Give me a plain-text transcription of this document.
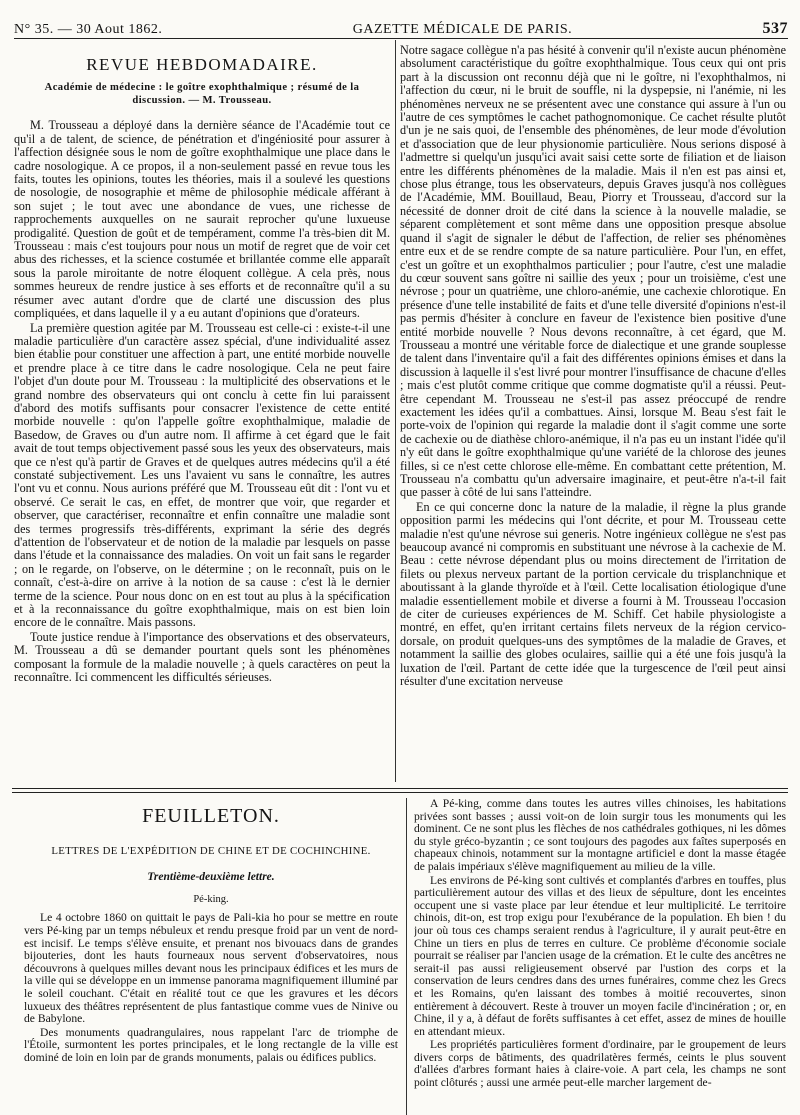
N° 35. — 30 Aout 1862.	GAZETTE MÉDICALE DE PARIS.	537
REVUE HEBDOMADAIRE.
Académie de médecine : le goître exophthalmique ; résumé de la discussion. — M. Trousseau.

M. Trousseau a déployé dans la dernière séance de l'Académie tout ce qu'il a de talent, de science, de pénétration et d'ingéniosité pour assurer à l'affection désignée sous le nom de goître exophthalmique une place dans le cadre nosologique. A ce propos, il a non-seulement passé en revue tous les faits, toutes les opinions, toutes les théories, mais il a soulevé les questions de nosologie, de nosographie et même de philosophie médicale afférant à son sujet ; le tout avec une abondance de vues, une richesse de rapprochements auxquelles on ne saurait reprocher qu'une luxueuse prodigalité. Question de goût et de tempérament, comme l'a très-bien dit M. Trousseau : mais c'est toujours pour nous un motif de regret que de voir cet abus des richesses, et la science costumée et brillantée comme elle apparaît sous la parole miroitante de notre éloquent collègue. A cela près, nous sommes heureux de rendre justice à ses efforts et de reconnaître qu'il a su résumer avec autant d'ordre que de clarté une discussion des plus compliquées, et dans laquelle il y a eu autant d'opinions que d'orateurs.

La première question agitée par M. Trousseau est celle-ci : existe-t-il une maladie particulière d'un caractère assez spécial, d'une individualité assez bien établie pour constituer une affection à part, une entité morbide nouvelle et prendre place à ce titre dans le cadre nosologique. Cela ne peut faire l'objet d'un doute pour M. Trousseau : la multiplicité des observations et le grand nombre des observateurs qui ont conclu à cette fin lui paraissent d'abord des motifs suffisants pour consacrer l'existence de cette entité morbide nouvelle : qu'on l'appelle goître exophthalmique, maladie de Basedow, de Graves ou d'un autre nom. Il affirme à cet égard que le fait avait de tout temps objectivement passé sous les yeux des observateurs, mais que ce n'est qu'à partir de Graves et de quelques autres médecins qu'il a été constaté subjectivement. Les uns l'avaient vu sans le connaître, les autres l'ont vu et connu. Nous aurions préféré que M. Trousseau eût dit : l'ont vu et observé. Ce serait le cas, en effet, de montrer que voir, que regarder et observer, que caractériser, reconnaître et enfin connaître une maladie sont des termes progressifs très-différents, exprimant la série des degrés d'attention de l'observateur et de notion de la maladie par lesquels on passe dans l'étude et la connaissance des maladies. On voit un fait sans le regarder ; on le regarde, on l'observe, on le détermine ; on le reconnaît, puis on le connaît, c'est-à-dire on arrive à la notion de sa cause : c'est là le dernier terme de la science. Pour nous donc on en est tout au plus à la spécification et à la reconnaissance du goître exophthalmique, mais on est bien loin encore de le connaître. Mais passons.

Toute justice rendue à l'importance des observations et des observateurs, M. Trousseau a dû se demander pourtant quels sont les phénomènes composant la formule de la maladie nouvelle ; à quels caractères on peut la reconnaître. Ici commencent les difficultés sérieuses.

Notre sagace collègue n'a pas hésité à convenir qu'il n'existe aucun phénomène absolument caractéristique du goître exophthalmique. Tous ceux qui ont pris part à la discussion ont reconnu déjà que ni le goître, ni l'exophthalmos, ni l'affection du cœur, ni le bruit de souffle, ni la dyspepsie, ni l'anémie, ni les phénomènes nerveux ne se présentent avec une constance qui assure à l'un ou l'autre de ces symptômes le cachet pathognomonique. Ce cachet résulte plutôt d'un je ne sais quoi, de l'ensemble des phénomènes, de leur mode d'évolution et d'association que de leur physionomie particulière. Nous serions disposé à l'admettre si quelqu'un jusqu'ici avait saisi cette sorte de filiation et de liaison entre les différents phénomènes de la maladie. Mais il n'en est pas ainsi et, chose plus étrange, tous les observateurs, depuis Graves jusqu'à nos collègues de l'Académie, MM. Bouillaud, Beau, Piorry et Trousseau, d'accord sur la nécessité de donner droit de cité dans la science à la nouvelle maladie, se séparent complètement et sont même dans une opposition presque absolue quand il s'agit de signaler le début de l'affection, de relier ses phénomènes entre eux et de se rendre compte de sa nature particulière. Pour l'un, en effet, c'est un goître et un exophthalmos particulier ; pour l'autre, c'est une maladie du cœur souvent sans goître ni saillie des yeux ; pour un troisième, c'est une névrose ; pour un quatrième, une chloro-anémie, une cachexie chlorotique. En présence d'une telle instabilité de faits et d'une telle diversité d'opinions n'est-il pas permis d'hésiter à conclure en faveur de l'existence bien positive d'une entité morbide nouvelle ? Nous devons reconnaître, à cet égard, que M. Trousseau a montré une véritable force de dialectique et une grande souplesse de talent dans l'inventaire qu'il a fait des différentes opinions émises et dans la discussion à laquelle il s'est livré pour montrer l'insuffisance de chacune d'elles ; mais c'est plutôt comme critique que comme dogmatiste qu'il a réussi. Peut-être cependant M. Trousseau ne s'est-il pas assez préoccupé de rendre exactement les idées qu'il a combattues. Ainsi, lorsque M. Beau s'est fait le porte-voix de l'opinion qui regarde la maladie dont il s'agit comme une sorte de cachexie ou de diathèse chloro-anémique, il n'a pas eu un instant l'idée qu'il n'y eût dans le goître exophthalmique qu'une variété de la chlorose des jeunes filles, si ce n'est cette chlorose elle-même. En combattant cette prétention, M. Trousseau n'a combattu qu'un adversaire imaginaire, et peut-être n'a-t-il fait que passer à côté de lui sans l'atteindre.

En ce qui concerne donc la nature de la maladie, il règne la plus grande opposition parmi les médecins qui l'ont décrite, et pour M. Trousseau cette maladie n'est qu'une névrose sui generis. Notre ingénieux collègue ne s'est pas beaucoup avancé ni compromis en substituant une névrose à la cachexie de M. Beau : cette névrose dépendant plus ou moins directement de l'irritation de filets ou plexus nerveux partant de la portion cervicale du trisplanchnique et aboutissant à la glande thyroïde et à l'œil. Cette localisation étiologique d'une maladie essentiellement mobile et diverse a fourni à M. Trousseau l'occasion de citer de curieuses expériences de M. Schiff. Cet habile physiologiste a montré, en effet, qu'en irritant certains filets nerveux de la région cervico-dorsale, on produit quelques-uns des symptômes de la maladie de Graves, et notamment la saillie des globes oculaires, saillie qui a été une fois jusqu'à la luxation de l'œil. Partant de cette idée que la turgescence de l'œil peut ainsi résulter d'une excitation nerveuse

FEUILLETON.
LETTRES DE L'EXPÉDITION DE CHINE ET DE COCHINCHINE.
Trentième-deuxième lettre.
Pé-king.

Le 4 octobre 1860 on quittait le pays de Pali-kia ho pour se mettre en route vers Pé-king par un temps nébuleux et rendu presque froid par un vent de nord-est incisif. Le temps s'élève ensuite, et prenant nos bivouacs dans de grandes bijouteries, dont les hauts fourneaux nous servent d'observatoires, nous découvrons à quelques milles devant nous les principaux édifices et les murs de la ville qui se développe en un immense panorama magnifiquement illuminé par le soleil couchant. C'était en réalité tout ce que les gravures et les décors luxueux des théâtres représentent de plus fantastique comme vues de Ninive ou de Babylone.

Des monuments quadrangulaires, nous rappelant l'arc de triomphe de l'Étoile, surmontent les portes principales, et le long rectangle de la ville est dominé de loin en loin par de grands monuments, palais ou édifices publics.

A Pé-king, comme dans toutes les autres villes chinoises, les habitations privées sont basses ; aussi voit-on de loin surgir tous les monuments qui les dominent. Ce ne sont plus les flèches de nos cathédrales gothiques, ni les dômes du style gréco-byzantin ; ce sont toujours des pagodes aux faîtes superposés en chapeaux chinois, notamment sur la montagne artificiel e dont la masse étagée de palais impériaux s'élève magnifiquement au milieu de la ville.

Les environs de Pé-king sont cultivés et complantés d'arbres en touffes, plus particulièrement autour des villas et des lieux de sépulture, dont les enceintes occupent une si vaste place par leur étendue et leur multiplicité. Le territoire chinois, dit-on, est trop exigu pour l'exubérance de la population. Eh bien ! du jour où tous ces champs seraient rendus à l'agriculture, il y aurait peut-être en Chine un tiers en plus de terres en culture. Ce problème d'économie sociale pourrait se réaliser par l'ancien usage de la crémation. Et le culte des ancêtres ne serait-il pas aussi religieusement observé par l'ustion des corps et la conservation de leurs cendres dans des urnes funéraires, comme chez les Grecs et les Romains, qu'en laissant des tombes à moitié recouvertes, sinon entièrement à découvert. Reste à trouver un moyen facile d'incinération ; or, en Chine, il y a, à défaut de forêts suffisantes à cet effet, assez de mines de houille en attendant mieux.

Les propriétés particulières forment d'ordinaire, par le groupement de leurs divers corps de bâtiments, des quadrilatères fermés, ceints le plus souvent d'allées d'arbres formant haies à claire-voie. A part cela, les champs ne sont point clôturés ; aussi une armée peut-elle marcher largement de-
